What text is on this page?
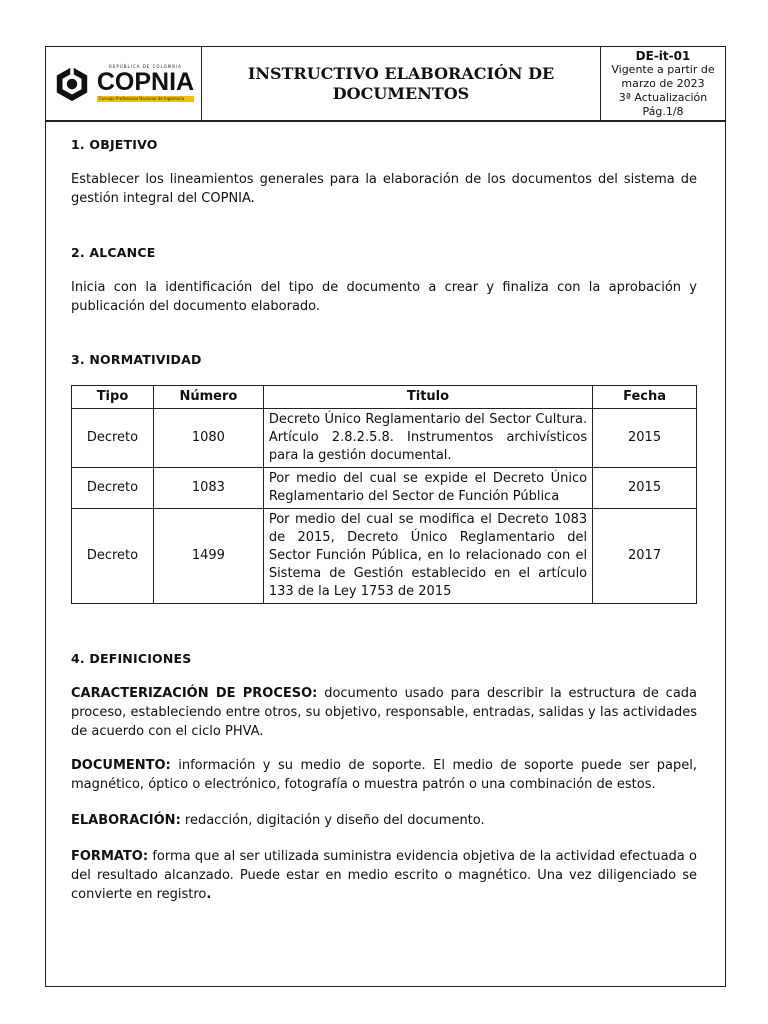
REPÚBLICA DE COLOMBIA
COPNIA
Consejo Profesional Nacional de Ingeniería
INSTRUCTIVO ELABORACIÓN DE DOCUMENTOS
DE-it-01
Vigente a partir de marzo de 2023
3ª Actualización
Pág.1/8
1. OBJETIVO
Establecer los lineamientos generales para la elaboración de los documentos del sistema de gestión integral del COPNIA.
2. ALCANCE
Inicia con la identificación del tipo de documento a crear y finaliza con la aprobación y publicación del documento elaborado.
3. NORMATIVIDAD
Tipo	Número	Titulo	Fecha
Decreto	1080	Decreto Único Reglamentario del Sector Cultura. Artículo 2.8.2.5.8. Instrumentos archivísticos para la gestión documental.	2015
Decreto	1083	Por medio del cual se expide el Decreto Único Reglamentario del Sector de Función Pública	2015
Decreto	1499	Por medio del cual se modifica el Decreto 1083 de 2015, Decreto Único Reglamentario del Sector Función Pública, en lo relacionado con el Sistema de Gestión establecido en el artículo 133 de la Ley 1753 de 2015	2017
4. DEFINICIONES
CARACTERIZACIÓN DE PROCESO: documento usado para describir la estructura de cada proceso, estableciendo entre otros, su objetivo, responsable, entradas, salidas y las actividades de acuerdo con el ciclo PHVA.
DOCUMENTO: información y su medio de soporte. El medio de soporte puede ser papel, magnético, óptico o electrónico, fotografía o muestra patrón o una combinación de estos.
ELABORACIÓN: redacción, digitación y diseño del documento.
FORMATO: forma que al ser utilizada suministra evidencia objetiva de la actividad efectuada o del resultado alcanzado. Puede estar en medio escrito o magnético. Una vez diligenciado se convierte en registro.
